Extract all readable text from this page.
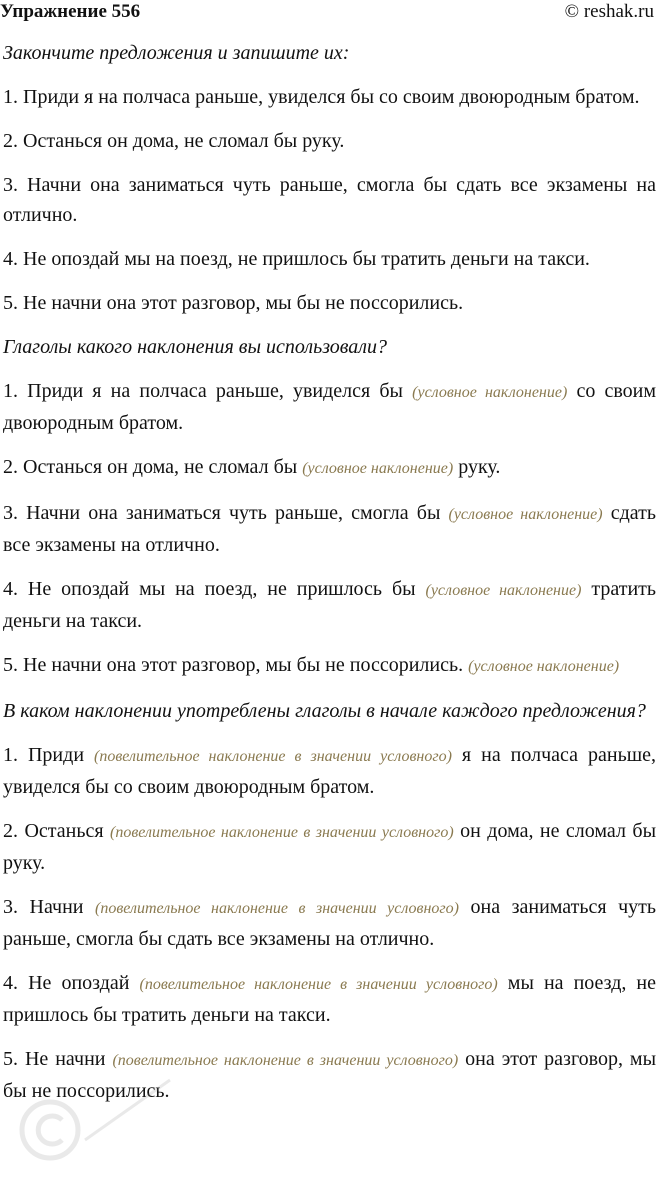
Упражнение 556	© reshak.ru
Закончите предложения и запишите их:
1. Приди я на полчаса раньше, увиделся бы со своим двоюродным братом.
2. Останься он дома, не сломал бы руку.
3. Начни она заниматься чуть раньше, смогла бы сдать все экзамены на отлично.
4. Не опоздай мы на поезд, не пришлось бы тратить деньги на такси.
5. Не начни она этот разговор, мы бы не поссорились.
Глаголы какого наклонения вы использовали?
1. Приди я на полчаса раньше, увиделся бы (условное наклонение) со своим двоюродным братом.
2. Останься он дома, не сломал бы (условное наклонение) руку.
3. Начни она заниматься чуть раньше, смогла бы (условное наклонение) сдать все экзамены на отлично.
4. Не опоздай мы на поезд, не пришлось бы (условное наклонение) тратить деньги на такси.
5. Не начни она этот разговор, мы бы не поссорились. (условное наклонение)
В каком наклонении употреблены глаголы в начале каждого предложения?
1. Приди (повелительное наклонение в значении условного) я на полчаса раньше, увиделся бы со своим двоюродным братом.
2. Останься (повелительное наклонение в значении условного) он дома, не сломал бы руку.
3. Начни (повелительное наклонение в значении условного) она заниматься чуть раньше, смогла бы сдать все экзамены на отлично.
4. Не опоздай (повелительное наклонение в значении условного) мы на поезд, не пришлось бы тратить деньги на такси.
5. Не начни (повелительное наклонение в значении условного) она этот разговор, мы бы не поссорились.
